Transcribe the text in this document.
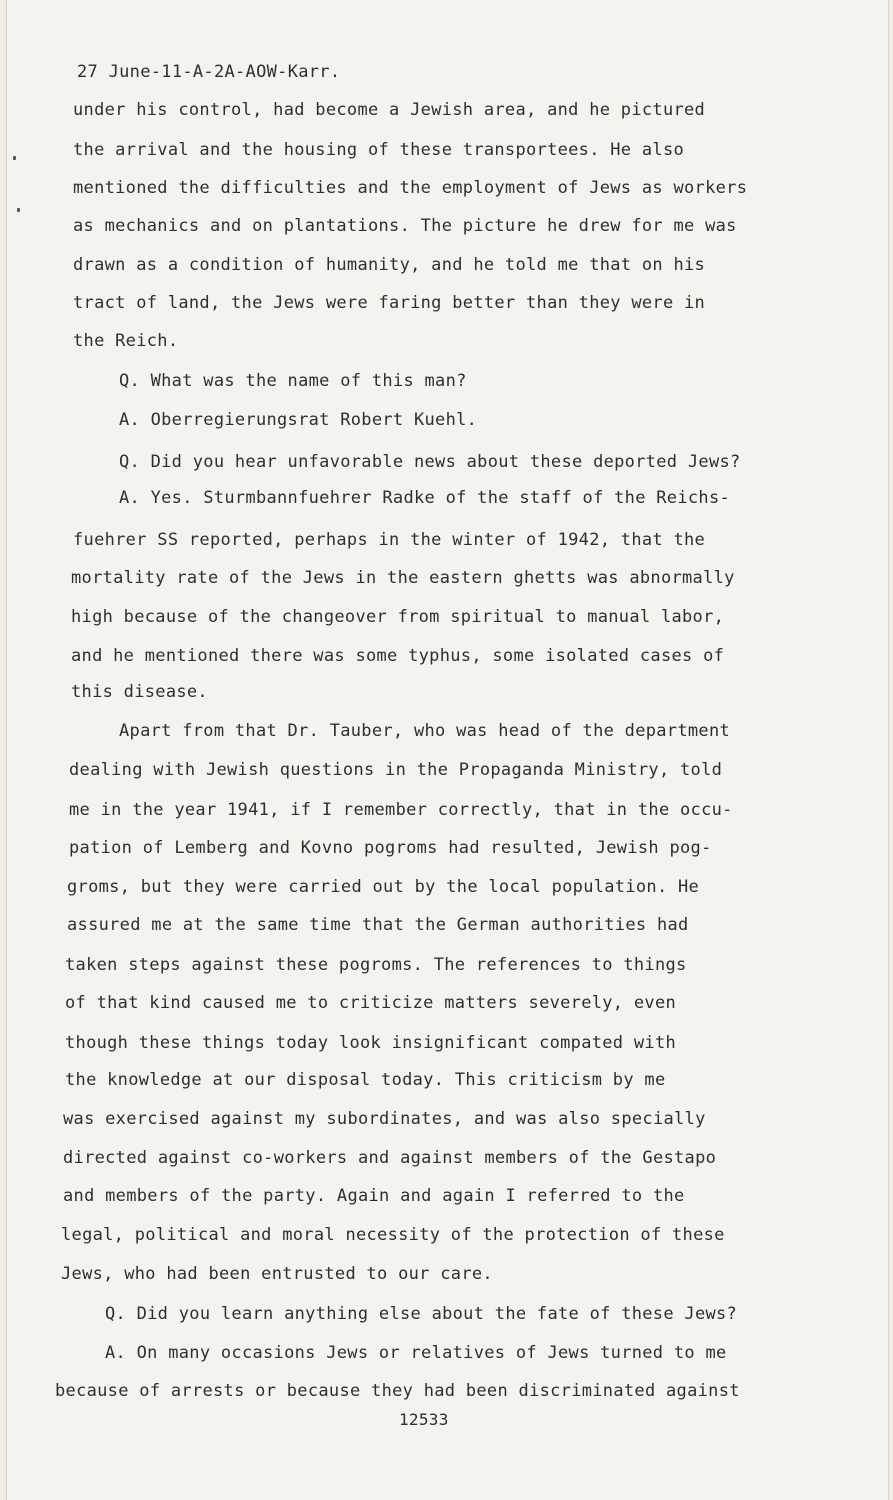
27 June-11-A-2A-AOW-Karr.
under his control, had become a Jewish area, and he pictured
the arrival and the housing of these transportees. He also
mentioned the difficulties and the employment of Jews as workers
as mechanics and on plantations. The picture he drew for me was
drawn as a condition of humanity, and he told me that on his
tract of land, the Jews were faring better than they were in
the Reich.
Q. What was the name of this man?
A. Oberregierungsrat Robert Kuehl.
Q. Did you hear unfavorable news about these deported Jews?
A. Yes. Sturmbannfuehrer Radke of the staff of the Reichs-
fuehrer SS reported, perhaps in the winter of 1942, that the
mortality rate of the Jews in the eastern ghetts was abnormally
high because of the changeover from spiritual to manual labor,
and he mentioned there was some typhus, some isolated cases of
this disease.
Apart from that Dr. Tauber, who was head of the department
dealing with Jewish questions in the Propaganda Ministry, told
me in the year 1941, if I remember correctly, that in the occu-
pation of Lemberg and Kovno pogroms had resulted, Jewish pog-
groms, but they were carried out by the local population. He
assured me at the same time that the German authorities had
taken steps against these pogroms. The references to things
of that kind caused me to criticize matters severely, even
though these things today look insignificant compated with
the knowledge at our disposal today. This criticism by me
was exercised against my subordinates, and was also specially
directed against co-workers and against members of the Gestapo
and members of the party. Again and again I referred to the
legal, political and moral necessity of the protection of these
Jews, who had been entrusted to our care.
Q. Did you learn anything else about the fate of these Jews?
A. On many occasions Jews or relatives of Jews turned to me
because of arrests or because they had been discriminated against
12533
